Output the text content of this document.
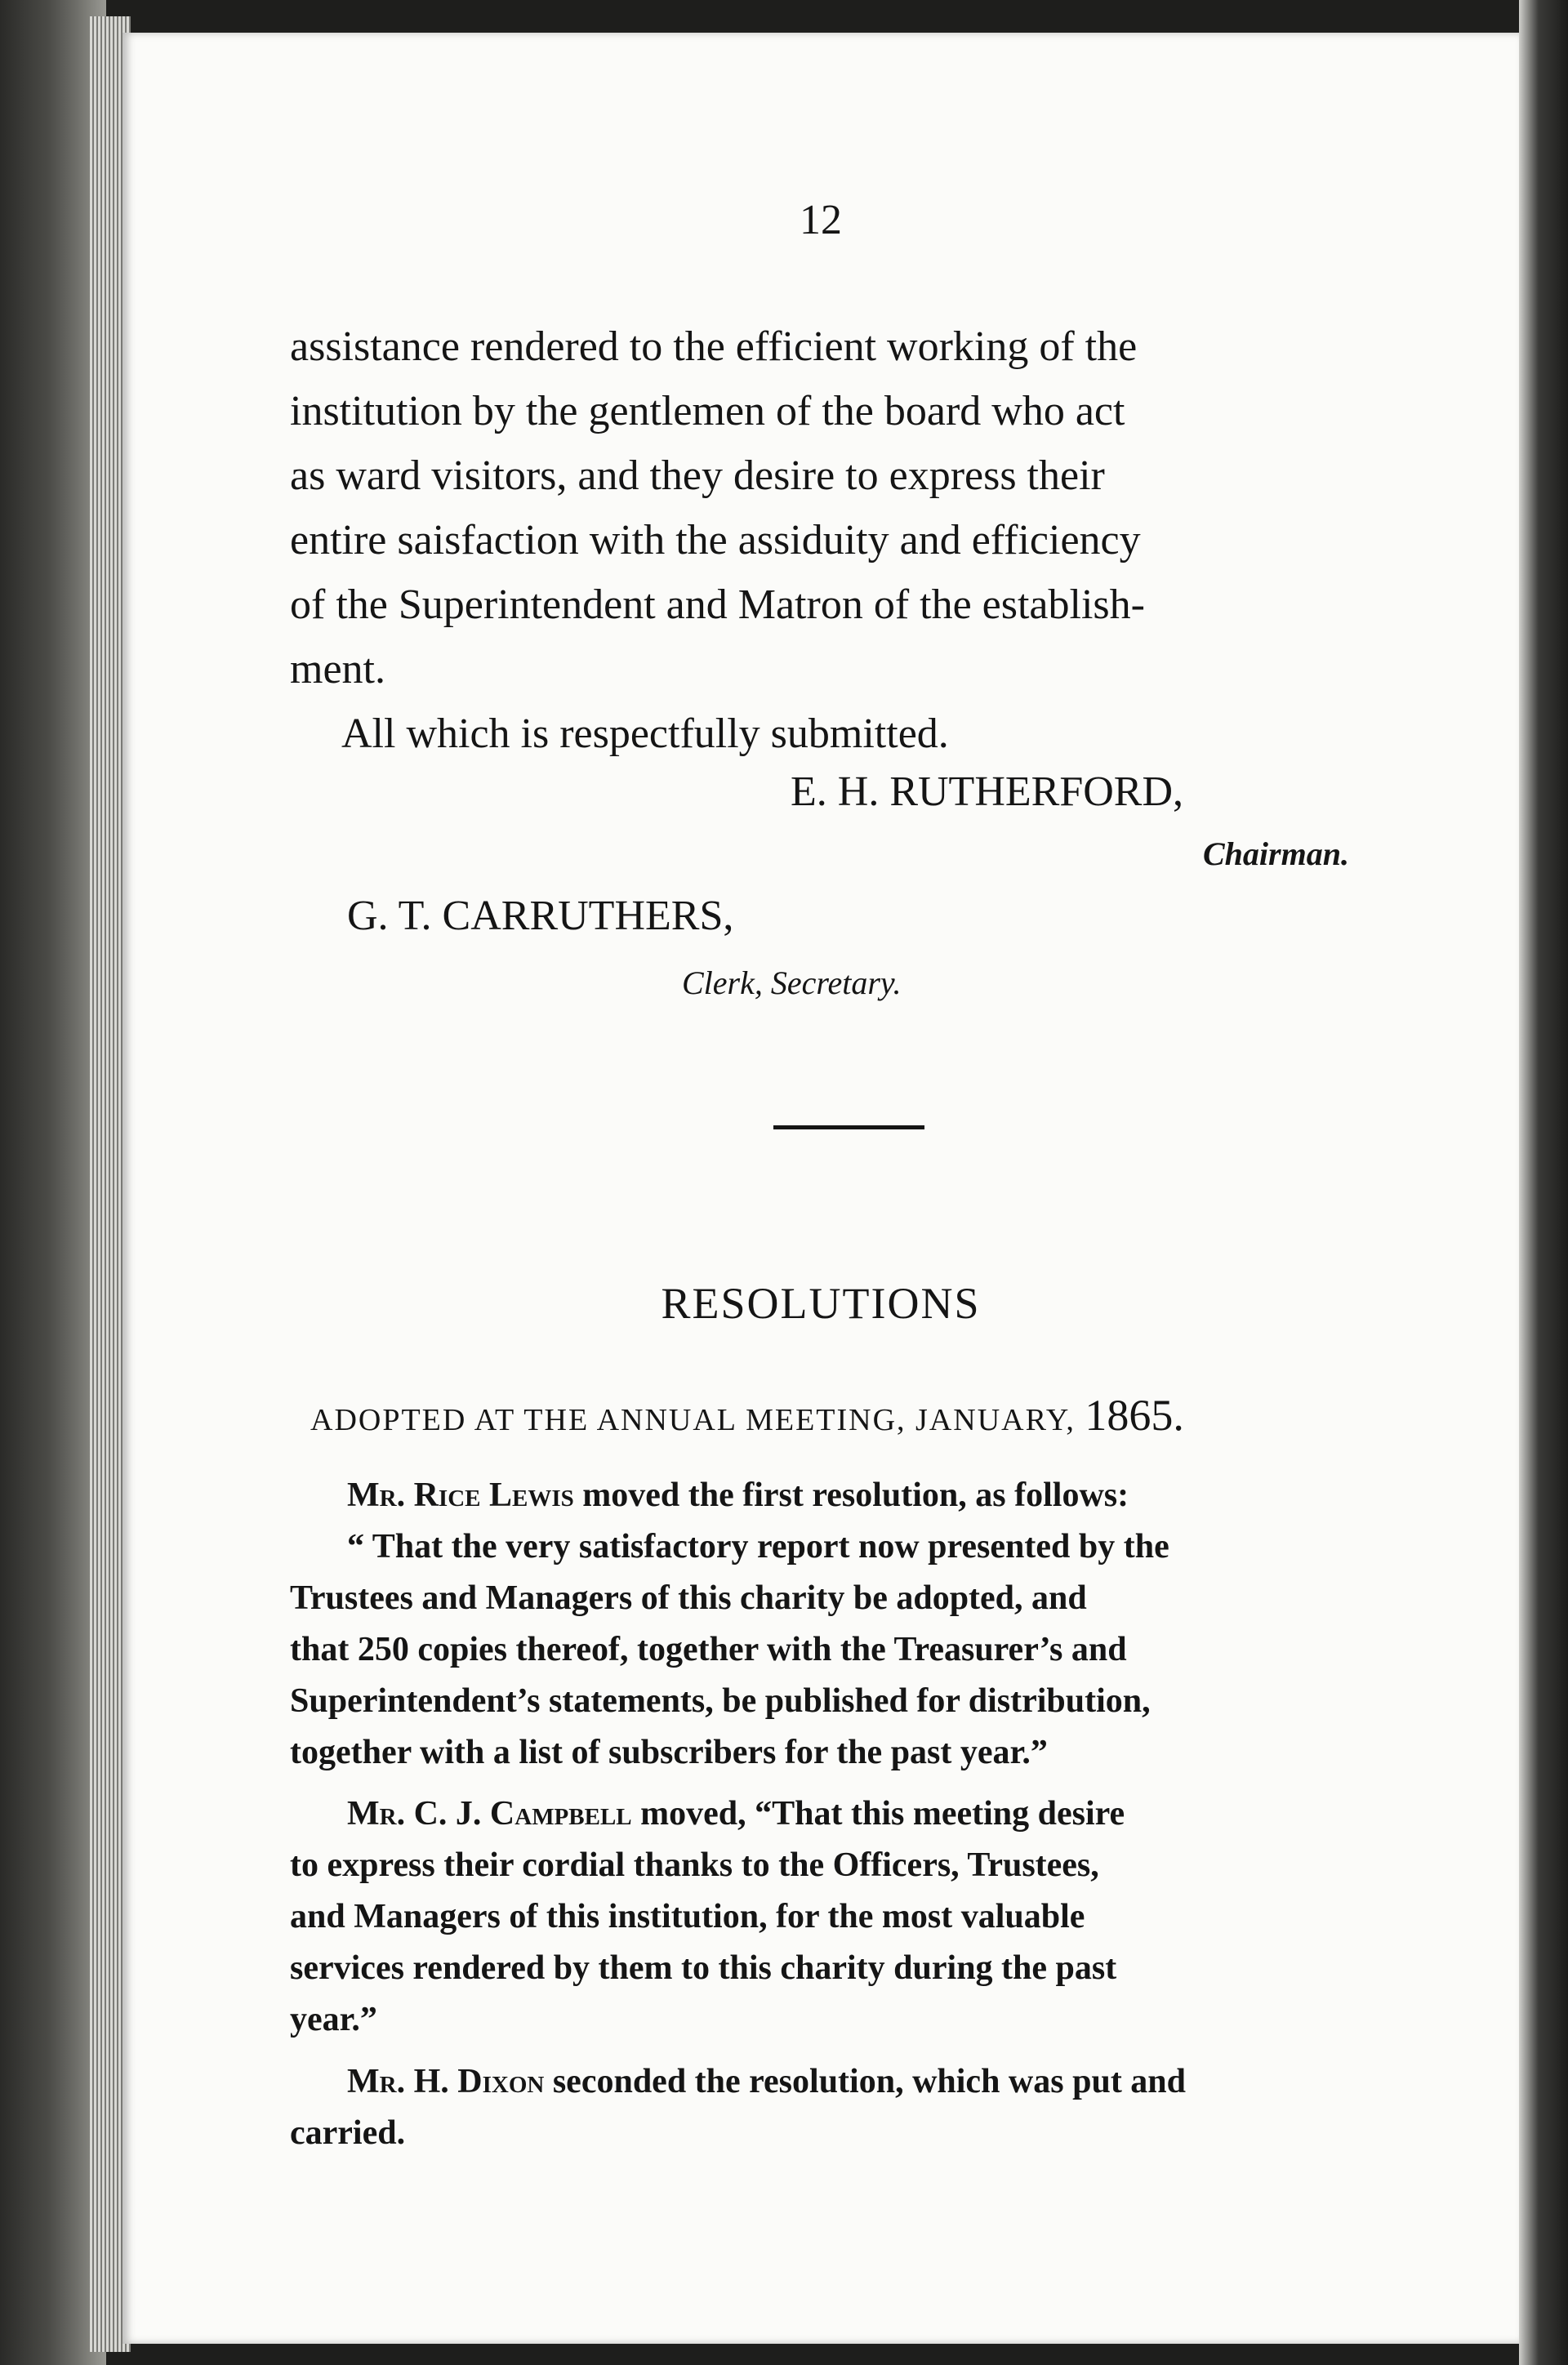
12
assistance rendered to the efficient working of the
institution by the gentlemen of the board who act
as ward visitors, and they desire to express their
entire saisfaction with the assiduity and efficiency
of the Superintendent and Matron of the establish-
ment.
All which is respectfully submitted.
E. H. RUTHERFORD,
Chairman.
G. T. CARRUTHERS,
Clerk, Secretary.
RESOLUTIONS
ADOPTED AT THE ANNUAL MEETING, JANUARY, 1865.
Mr. Rice Lewis moved the first resolution, as follows:
“ That the very satisfactory report now presented by the
Trustees and Managers of this charity be adopted, and
that 250 copies thereof, together with the Treasurer’s and
Superintendent’s statements, be published for distribution,
together with a list of subscribers for the past year.”
Mr. C. J. Campbell moved, “That this meeting desire
to express their cordial thanks to the Officers, Trustees,
and Managers of this institution, for the most valuable
services rendered by them to this charity during the past
year.”
Mr. H. Dixon seconded the resolution, which was put and
carried.
